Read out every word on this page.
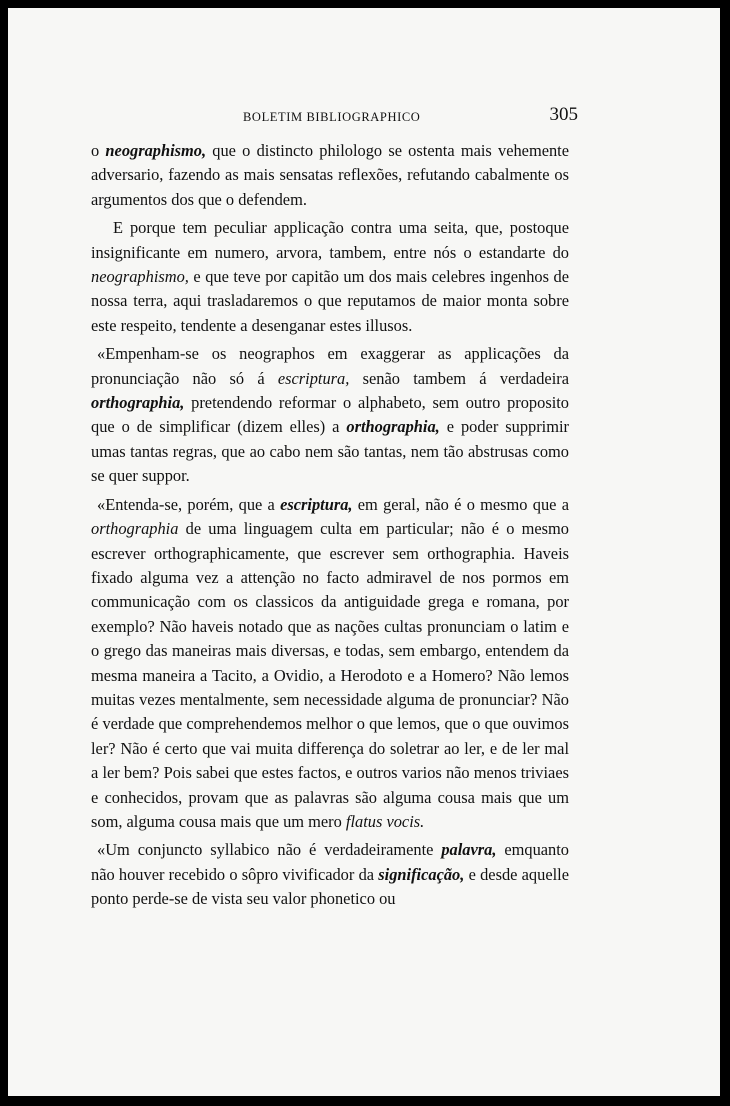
BOLETIM BIBLIOGRAPHICO	305

o neographismo, que o distincto philologo se ostenta mais vehemente adversario, fazendo as mais sensatas reflexões, refutando cabalmente os argumentos dos que o defendem.

E porque tem peculiar applicação contra uma seita, que, postoque insignificante em numero, arvora, tambem, entre nós o estandarte do neographismo, e que teve por capitão um dos mais celebres ingenhos de nossa terra, aqui trasladaremos o que reputamos de maior monta sobre este respeito, tendente a desenganar estes illusos.

«Empenham-se os neographos em exaggerar as applicações da pronunciação não só á escriptura, senão tambem á verdadeira orthographia, pretendendo reformar o alphabeto, sem outro proposito que o de simplificar (dizem elles) a orthographia, e poder supprimir umas tantas regras, que ao cabo nem são tantas, nem tão abstrusas como se quer suppor.

«Entenda-se, porém, que a escriptura, em geral, não é o mesmo que a orthographia de uma linguagem culta em particular; não é o mesmo escrever orthographicamente, que escrever sem orthographia. Haveis fixado alguma vez a attenção no facto admiravel de nos pormos em communicação com os classicos da antiguidade grega e romana, por exemplo? Não haveis notado que as nações cultas pronunciam o latim e o grego das maneiras mais diversas, e todas, sem embargo, entendem da mesma maneira a Tacito, a Ovidio, a Herodoto e a Homero? Não lemos muitas vezes mentalmente, sem necessidade alguma de pronunciar? Não é verdade que comprehendemos melhor o que lemos, que o que ouvimos ler? Não é certo que vai muita differença do soletrar ao ler, e de ler mal a ler bem? Pois sabei que estes factos, e outros varios não menos triviaes e conhecidos, provam que as palavras são alguma cousa mais que um som, alguma cousa mais que um mero flatus vocis.

«Um conjuncto syllabico não é verdadeiramente palavra, emquanto não houver recebido o sôpro vivificador da significação, e desde aquelle ponto perde-se de vista seu valor phonetico ou
